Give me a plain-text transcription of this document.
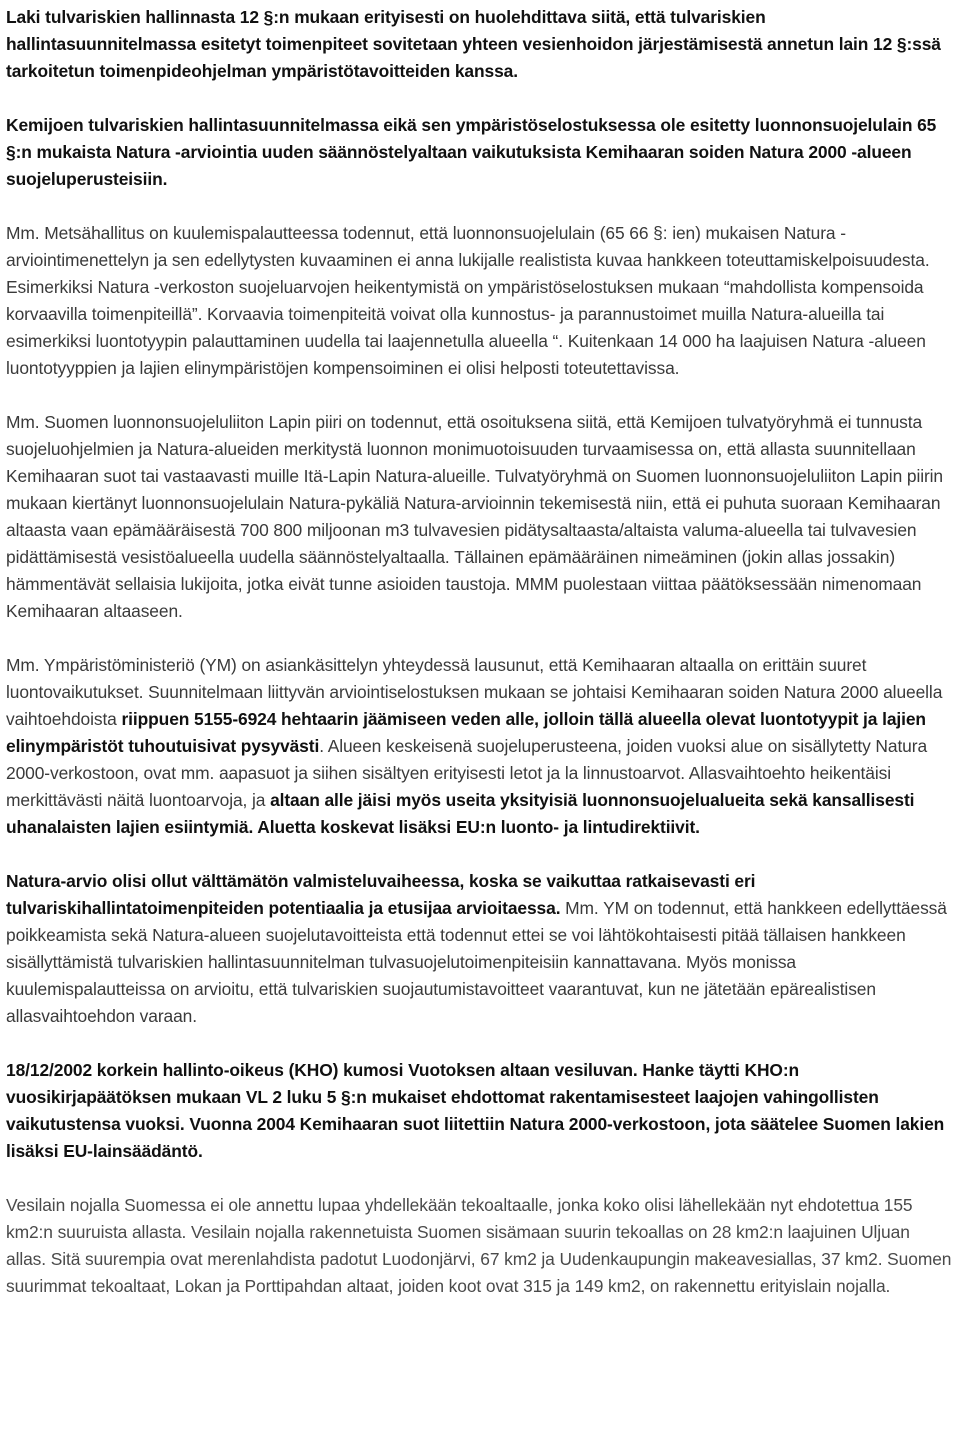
Laki tulvariskien hallinnasta 12 §:n mukaan erityisesti on huolehdittava siitä, että tulvariskien hallintasuunnitelmassa esitetyt toimenpiteet sovitetaan yhteen vesienhoidon järjestämisestä annetun lain 12 §:ssä tarkoitetun toimenpideohjelman ympäristötavoitteiden kanssa.

Kemijoen tulvariskien hallintasuunnitelmassa eikä sen ympäristöselostuksessa ole esitetty luonnonsuojelulain 65 §:n mukaista Natura -arviointia uuden säännöstelyaltaan vaikutuksista Kemihaaran soiden Natura 2000 -alueen suojeluperusteisiin.

Mm. Metsähallitus on kuulemispalautteessa todennut, että luonnonsuojelulain (65 66 §: ien) mukaisen Natura -arviointimenettelyn ja sen edellytysten kuvaaminen ei anna lukijalle realistista kuvaa hankkeen toteuttamiskelpoisuudesta. Esimerkiksi Natura -verkoston suojeluarvojen heikentymistä on ympäristöselostuksen mukaan “mahdollista kompensoida korvaavilla toimenpiteillä”. Korvaavia toimenpiteitä voivat olla kunnostus- ja parannustoimet muilla Natura-alueilla tai esimerkiksi luontotyypin palauttaminen uudella tai laajennetulla alueella “. Kuitenkaan 14 000 ha laajuisen Natura -alueen luontotyyppien ja lajien elinympäristöjen kompensoiminen ei olisi helposti toteutettavissa.

Mm. Suomen luonnonsuojeluliiton Lapin piiri on todennut, että osoituksena siitä, että Kemijoen tulvatyöryhmä ei tunnusta suojeluohjelmien ja Natura-alueiden merkitystä luonnon monimuotoisuuden turvaamisessa on, että allasta suunnitellaan Kemihaaran suot tai vastaavasti muille Itä-Lapin Natura-alueille. Tulvatyöryhmä on Suomen luonnonsuojeluliiton Lapin piirin mukaan kiertänyt luonnonsuojelulain Natura-pykäliä Natura-arvioinnin tekemisestä niin, että ei puhuta suoraan Kemihaaran altaasta vaan epämääräisestä 700 800 miljoonan m3 tulvavesien pidätysaltaasta/altaista valuma-alueella tai tulvavesien pidättämisestä vesistöalueella uudella säännöstelyaltaalla. Tällainen epämääräinen nimeäminen (jokin allas jossakin) hämmentävät sellaisia lukijoita, jotka eivät tunne asioiden taustoja. MMM puolestaan viittaa päätöksessään nimenomaan Kemihaaran altaaseen.

Mm. Ympäristöministeriö (YM) on asiankäsittelyn yhteydessä lausunut, että Kemihaaran altaalla on erittäin suuret luontovaikutukset. Suunnitelmaan liittyvän arviointiselostuksen mukaan se johtaisi Kemihaaran soiden Natura 2000 alueella vaihtoehdoista riippuen 5155-6924 hehtaarin jäämiseen veden alle, jolloin tällä alueella olevat luontotyypit ja lajien elinympäristöt tuhoutuisivat pysyvästi. Alueen keskeisenä suojeluperusteena, joiden vuoksi alue on sisällytetty Natura 2000-verkostoon, ovat mm. aapasuot ja siihen sisältyen erityisesti letot ja la linnustoarvot. Allasvaihtoehto heikentäisi merkittävästi näitä luontoarvoja, ja altaan alle jäisi myös useita yksityisiä luonnonsuojelualueita sekä kansallisesti uhanalaisten lajien esiintymiä. Aluetta koskevat lisäksi EU:n luonto- ja lintudirektiivit.

Natura-arvio olisi ollut välttämätön valmisteluvaiheessa, koska se vaikuttaa ratkaisevasti eri tulvariskihallintatoimenpiteiden potentiaalia ja etusijaa arvioitaessa. Mm. YM on todennut, että hankkeen edellyttäessä poikkeamista sekä Natura-alueen suojelutavoitteista että todennut ettei se voi lähtökohtaisesti pitää tällaisen hankkeen sisällyttämistä tulvariskien hallintasuunnitelman tulvasuojelutoimenpiteisiin kannattavana. Myös monissa kuulemispalautteissa on arvioitu, että tulvariskien suojautumistavoitteet vaarantuvat, kun ne jätetään epärealistisen allasvaihtoehdon varaan.

18/12/2002 korkein hallinto-oikeus (KHO) kumosi Vuotoksen altaan vesiluvan. Hanke täytti KHO:n vuosikirjapäätöksen mukaan VL 2 luku 5 §:n mukaiset ehdottomat rakentamisesteet laajojen vahingollisten vaikutustensa vuoksi. Vuonna 2004 Kemihaaran suot liitettiin Natura 2000-verkostoon, jota säätelee Suomen lakien lisäksi EU-lainsäädäntö.

Vesilain nojalla Suomessa ei ole annettu lupaa yhdellekään tekoaltaalle, jonka koko olisi lähellekään nyt ehdotettua 155 km2:n suuruista allasta. Vesilain nojalla rakennetuista Suomen sisämaan suurin tekoallas on 28 km2:n laajuinen Uljuan allas. Sitä suurempia ovat merenlahdista padotut Luodonjärvi, 67 km2 ja Uudenkaupungin makeavesiallas, 37 km2. Suomen suurimmat tekoaltaat, Lokan ja Porttipahdan altaat, joiden koot ovat 315 ja 149 km2, on rakennettu erityislain nojalla.
